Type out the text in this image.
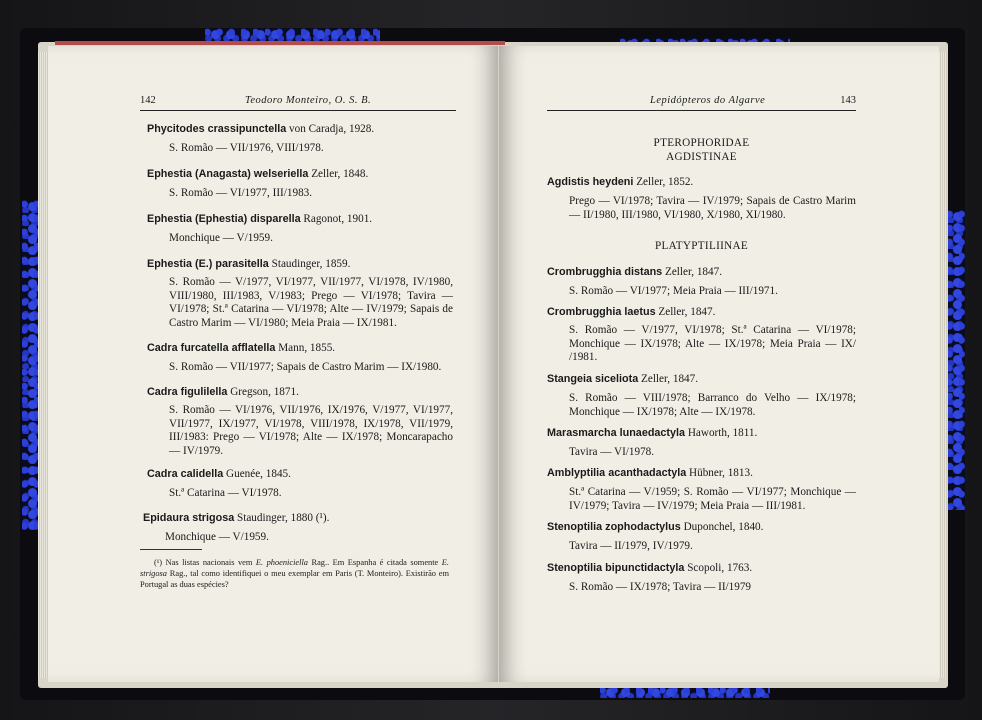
142	Teodoro Monteiro, O. S. B.
Phycitodes crassipunctella von Caradja, 1928.
S. Romão — VII/1976, VIII/1978.
Ephestia (Anagasta) welseriella Zeller, 1848.
S. Romão — VI/1977, III/1983.
Ephestia (Ephestia) disparella Ragonot, 1901.
Monchique — V/1959.
Ephestia (E.) parasitella Staudinger, 1859.
S. Romão — V/1977, VI/1977, VII/1977, VI/1978, IV/1980, VIII/1980, III/1983, V/1983; Prego — VI/1978; Tavira — VI/1978; St.ª Catarina — VI/1978; Alte — IV/1979; Sapais de Castro Marim — VI/1980; Meia Praia — IX/1981.
Cadra furcatella afflatella Mann, 1855.
S. Romão — VII/1977; Sapais de Castro Marim — IX/1980.
Cadra figulilella Gregson, 1871.
S. Romão — VI/1976, VII/1976, IX/1976, V/1977, VI/1977, VII/1977, IX/1977, VI/1978, VIII/1978, IX/1978, VII/1979, III/1983: Prego — VI/1978; Alte — IX/1978; Moncarapacho — IV/1979.
Cadra calidella Guenée, 1845.
St.ª Catarina — VI/1978.
Epidaura strigosa Staudinger, 1880 (¹).
Monchique — V/1959.
(¹) Nas listas nacionais vem E. phoeniciella Rag.. Em Espanha é citada somente E. strigosa Rag., tal como identifiquei o meu exemplar em Paris (T. Monteiro). Existirão em Portugal as duas espécies?
Lepidópteros do Algarve	143
PTEROPHORIDAE
AGDISTINAE
Agdistis heydeni Zeller, 1852.
Prego — VI/1978; Tavira — IV/1979; Sapais de Castro Marim — II/1980, III/1980, VI/1980, X/1980, XI/1980.
PLATYPTILIINAE
Crombrugghia distans Zeller, 1847.
S. Romão — VI/1977; Meia Praia — III/1971.
Crombrugghia laetus Zeller, 1847.
S. Romão — V/1977, VI/1978; St.ª Catarina — VI/1978; Monchique — IX/1978; Alte — IX/1978; Meia Praia — IX/ /1981.
Stangeia siceliota Zeller, 1847.
S. Romão — VIII/1978; Barranco do Velho — IX/1978; Monchique — IX/1978; Alte — IX/1978.
Marasmarcha lunaedactyla Haworth, 1811.
Tavira — VI/1978.
Amblyptilia acanthadactyla Hübner, 1813.
St.ª Catarina — V/1959; S. Romão — VI/1977; Monchique — IV/1979; Tavira — IV/1979; Meia Praia — III/1981.
Stenoptilia zophodactylus Duponchel, 1840.
Tavira — II/1979, IV/1979.
Stenoptilia bipunctidactyla Scopoli, 1763.
S. Romão — IX/1978; Tavira — II/1979
